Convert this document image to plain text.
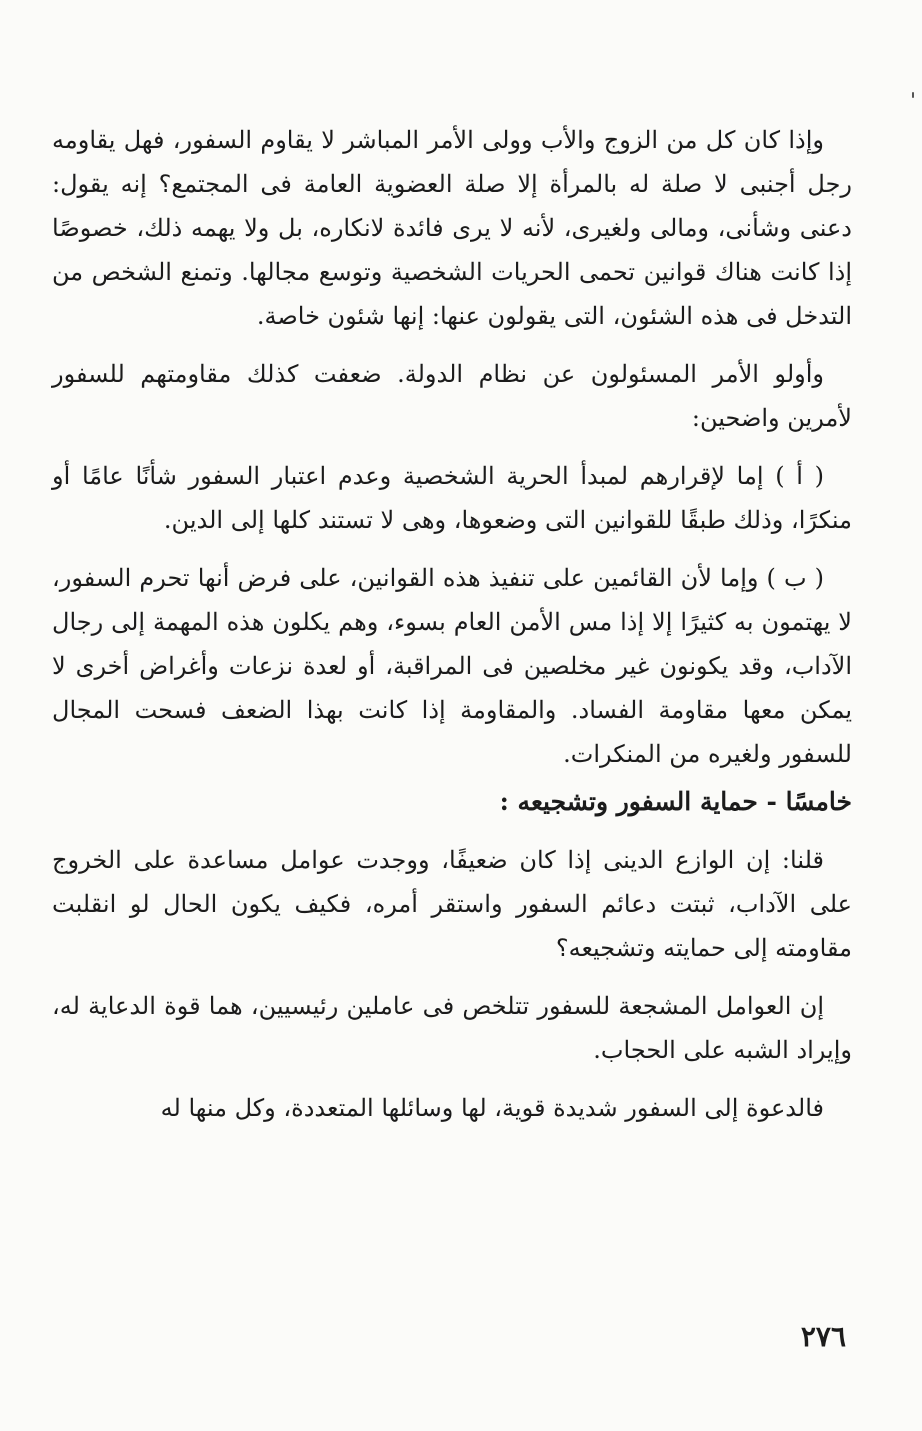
وإذا كان كل من الزوج والأب وولى الأمر المباشر لا يقاوم السفور، فهل يقاومه رجل أجنبى لا صلة له بالمرأة إلا صلة العضوية العامة فى المجتمع؟ إنه يقول: دعنى وشأنى، ومالى ولغيرى، لأنه لا يرى فائدة لانكاره، بل ولا يهمه ذلك، خصوصًا إذا كانت هناك قوانين تحمى الحريات الشخصية وتوسع مجالها. وتمنع الشخص من التدخل فى هذه الشئون، التى يقولون عنها: إنها شئون خاصة.

وأولو الأمر المسئولون عن نظام الدولة. ضعفت كذلك مقاومتهم للسفور لأمرين واضحين:

( أ ) إما لإقرارهم لمبدأ الحرية الشخصية وعدم اعتبار السفور شأنًا عامًا أو منكرًا، وذلك طبقًا للقوانين التى وضعوها، وهى لا تستند كلها إلى الدين.

( ب ) وإما لأن القائمين على تنفيذ هذه القوانين، على فرض أنها تحرم السفور، لا يهتمون به كثيرًا إلا إذا مس الأمن العام بسوء، وهم يكلون هذه المهمة إلى رجال الآداب، وقد يكونون غير مخلصين فى المراقبة، أو لعدة نزعات وأغراض أخرى لا يمكن معها مقاومة الفساد. والمقاومة إذا كانت بهذا الضعف فسحت المجال للسفور ولغيره من المنكرات.

خامسًا - حماية السفور وتشجيعه :

قلنا: إن الوازع الدينى إذا كان ضعيفًا، ووجدت عوامل مساعدة على الخروج على الآداب، ثبتت دعائم السفور واستقر أمره، فكيف يكون الحال لو انقلبت مقاومته إلى حمايته وتشجيعه؟

إن العوامل المشجعة للسفور تتلخص فى عاملين رئيسيين، هما قوة الدعاية له، وإيراد الشبه على الحجاب.

فالدعوة إلى السفور شديدة قوية، لها وسائلها المتعددة، وكل منها له

٢٧٦
